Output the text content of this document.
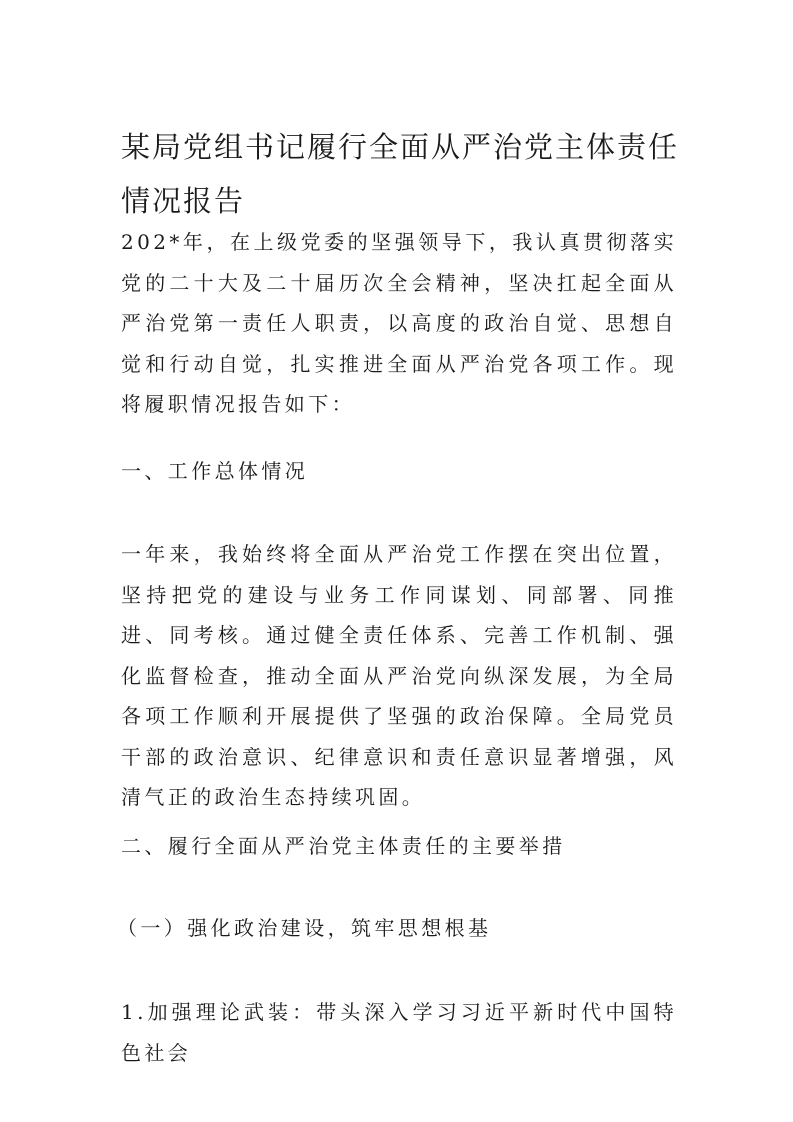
某局党组书记履行全面从严治党主体责任情况报告

202*年，在上级党委的坚强领导下，我认真贯彻落实党的二十大及二十届历次全会精神，坚决扛起全面从严治党第一责任人职责，以高度的政治自觉、思想自觉和行动自觉，扎实推进全面从严治党各项工作。现将履职情况报告如下：

一、工作总体情况

一年来，我始终将全面从严治党工作摆在突出位置，坚持把党的建设与业务工作同谋划、同部署、同推进、同考核。通过健全责任体系、完善工作机制、强化监督检查，推动全面从严治党向纵深发展，为全局各项工作顺利开展提供了坚强的政治保障。全局党员干部的政治意识、纪律意识和责任意识显著增强，风清气正的政治生态持续巩固。

二、履行全面从严治党主体责任的主要举措

（一）强化政治建设，筑牢思想根基

1.加强理论武装：带头深入学习习近平新时代中国特色社会
